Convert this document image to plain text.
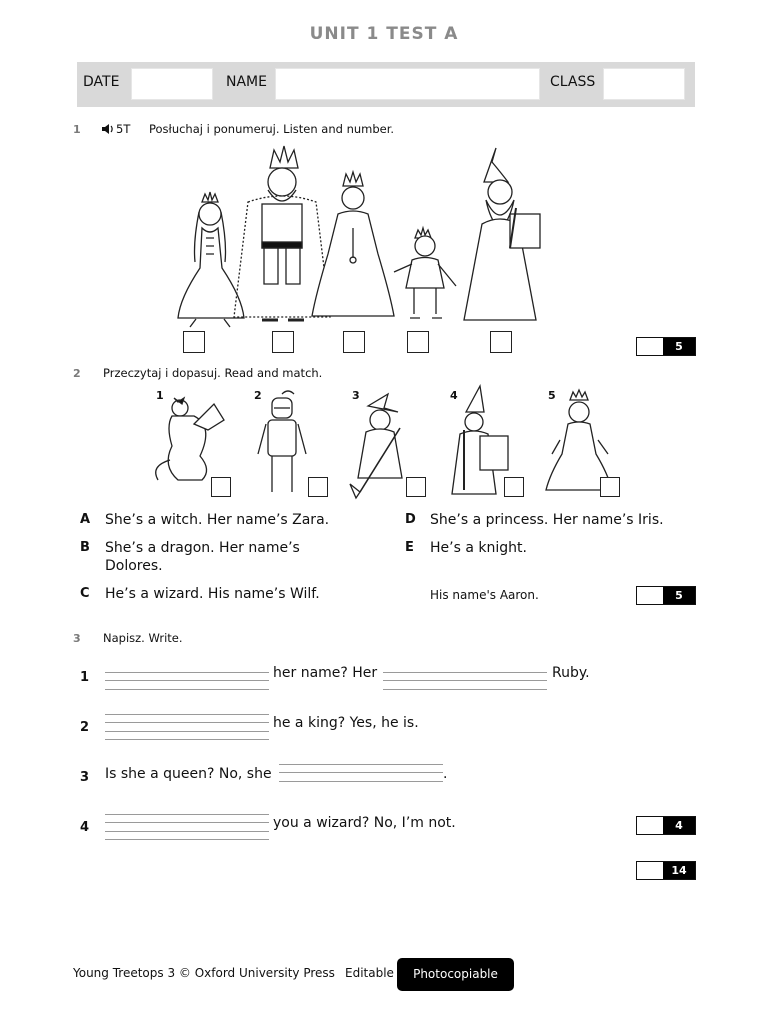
UNIT 1 TEST A
DATE	NAME	CLASS
1	5T Posłuchaj i ponumeruj. Listen and number.
5
2 Przeczytaj i dopasuj. Read and match.
1	2	3	4	5
A She’s a witch. Her name’s Zara.
B She’s a dragon. Her name’s
Dolores.
C He’s a wizard. His name’s Wilf.
D She’s a princess. Her name’s Iris.
E He’s a knight.
His name's Aaron.	5
3 Napisz. Write.
1	her name? Her	Ruby.
2	he a king? Yes, he is.
3 Is she a queen? No, she	.
4	you a wizard? No, I’m not.	4
14
Young Treetops 3 © Oxford University Press Editable	Photocopiable
